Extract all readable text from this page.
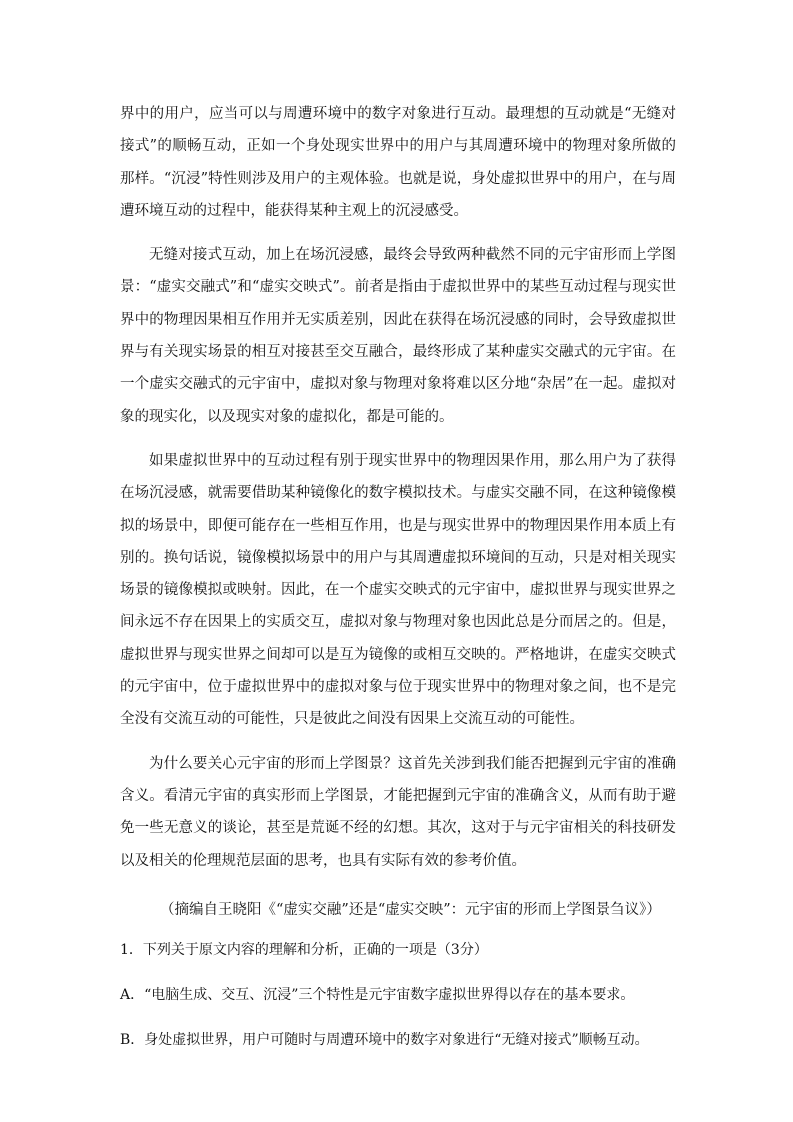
界中的用户，应当可以与周遭环境中的数字对象进行互动。最理想的互动就是“无缝对接式”的顺畅互动，正如一个身处现实世界中的用户与其周遭环境中的物理对象所做的那样。“沉浸”特性则涉及用户的主观体验。也就是说，身处虚拟世界中的用户，在与周遭环境互动的过程中，能获得某种主观上的沉浸感受。

无缝对接式互动，加上在场沉浸感，最终会导致两种截然不同的元宇宙形而上学图景：“虚实交融式”和“虚实交映式”。前者是指由于虚拟世界中的某些互动过程与现实世界中的物理因果相互作用并无实质差别，因此在获得在场沉浸感的同时，会导致虚拟世界与有关现实场景的相互对接甚至交互融合，最终形成了某种虚实交融式的元宇宙。在一个虚实交融式的元宇宙中，虚拟对象与物理对象将难以区分地“杂居”在一起。虚拟对象的现实化，以及现实对象的虚拟化，都是可能的。

如果虚拟世界中的互动过程有别于现实世界中的物理因果作用，那么用户为了获得在场沉浸感，就需要借助某种镜像化的数字模拟技术。与虚实交融不同，在这种镜像模拟的场景中，即便可能存在一些相互作用，也是与现实世界中的物理因果作用本质上有别的。换句话说，镜像模拟场景中的用户与其周遭虚拟环境间的互动，只是对相关现实场景的镜像模拟或映射。因此，在一个虚实交映式的元宇宙中，虚拟世界与现实世界之间永远不存在因果上的实质交互，虚拟对象与物理对象也因此总是分而居之的。但是，虚拟世界与现实世界之间却可以是互为镜像的或相互交映的。严格地讲，在虚实交映式的元宇宙中，位于虚拟世界中的虚拟对象与位于现实世界中的物理对象之间，也不是完全没有交流互动的可能性，只是彼此之间没有因果上交流互动的可能性。

为什么要关心元宇宙的形而上学图景？这首先关涉到我们能否把握到元宇宙的准确含义。看清元宇宙的真实形而上学图景，才能把握到元宇宙的准确含义，从而有助于避免一些无意义的谈论，甚至是荒诞不经的幻想。其次，这对于与元宇宙相关的科技研发以及相关的伦理规范层面的思考，也具有实际有效的参考价值。

（摘编自王晓阳《“虚实交融”还是“虚实交映”：元宇宙的形而上学图景刍议》）

1．下列关于原文内容的理解和分析，正确的一项是（3分）

A．“电脑生成、交互、沉浸”三个特性是元宇宙数字虚拟世界得以存在的基本要求。

B．身处虚拟世界，用户可随时与周遭环境中的数字对象进行“无缝对接式”顺畅互动。
